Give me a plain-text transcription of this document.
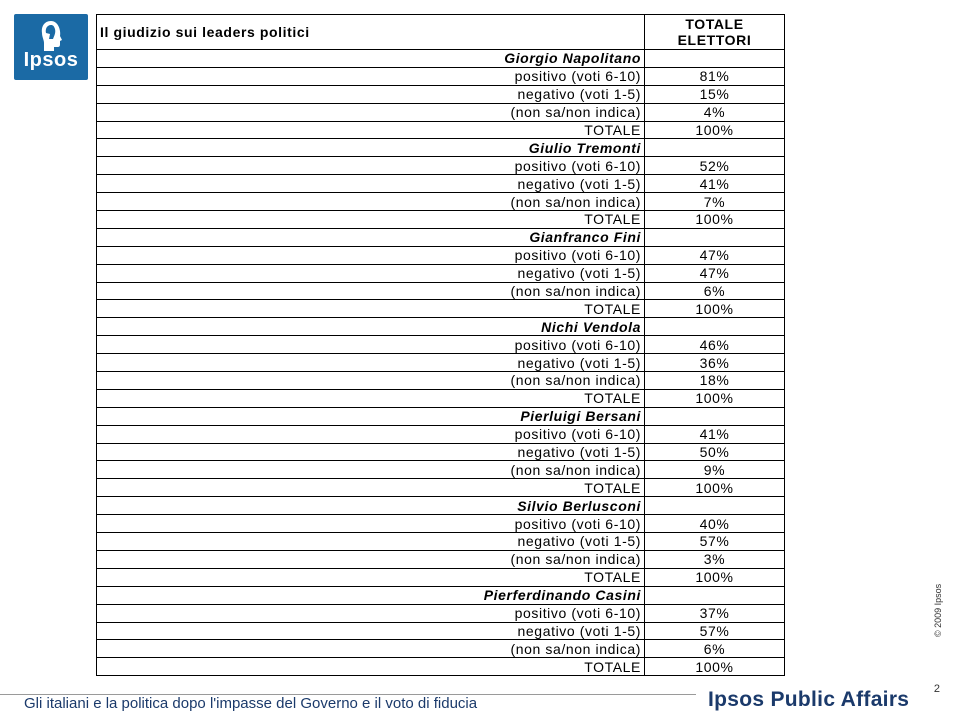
Ipsos
Il giudizio sui leaders politici	TOTALE
ELETTORI
Giorgio Napolitano	
positivo (voti 6-10)	81%
negativo (voti 1-5)	15%
(non sa/non indica)	4%
TOTALE	100%
Giulio Tremonti	
positivo (voti 6-10)	52%
negativo (voti 1-5)	41%
(non sa/non indica)	7%
TOTALE	100%
Gianfranco Fini	
positivo (voti 6-10)	47%
negativo (voti 1-5)	47%
(non sa/non indica)	6%
TOTALE	100%
Nichi Vendola	
positivo (voti 6-10)	46%
negativo (voti 1-5)	36%
(non sa/non indica)	18%
TOTALE	100%
Pierluigi Bersani	
positivo (voti 6-10)	41%
negativo (voti 1-5)	50%
(non sa/non indica)	9%
TOTALE	100%
Silvio Berlusconi	
positivo (voti 6-10)	40%
negativo (voti 1-5)	57%
(non sa/non indica)	3%
TOTALE	100%
Pierferdinando Casini	
positivo (voti 6-10)	37%
negativo (voti 1-5)	57%
(non sa/non indica)	6%
TOTALE	100%
© 2009 Ipsos
2
Gli italiani e la politica dopo l'impasse del Governo e il voto di fiducia	Ipsos Public Affairs
